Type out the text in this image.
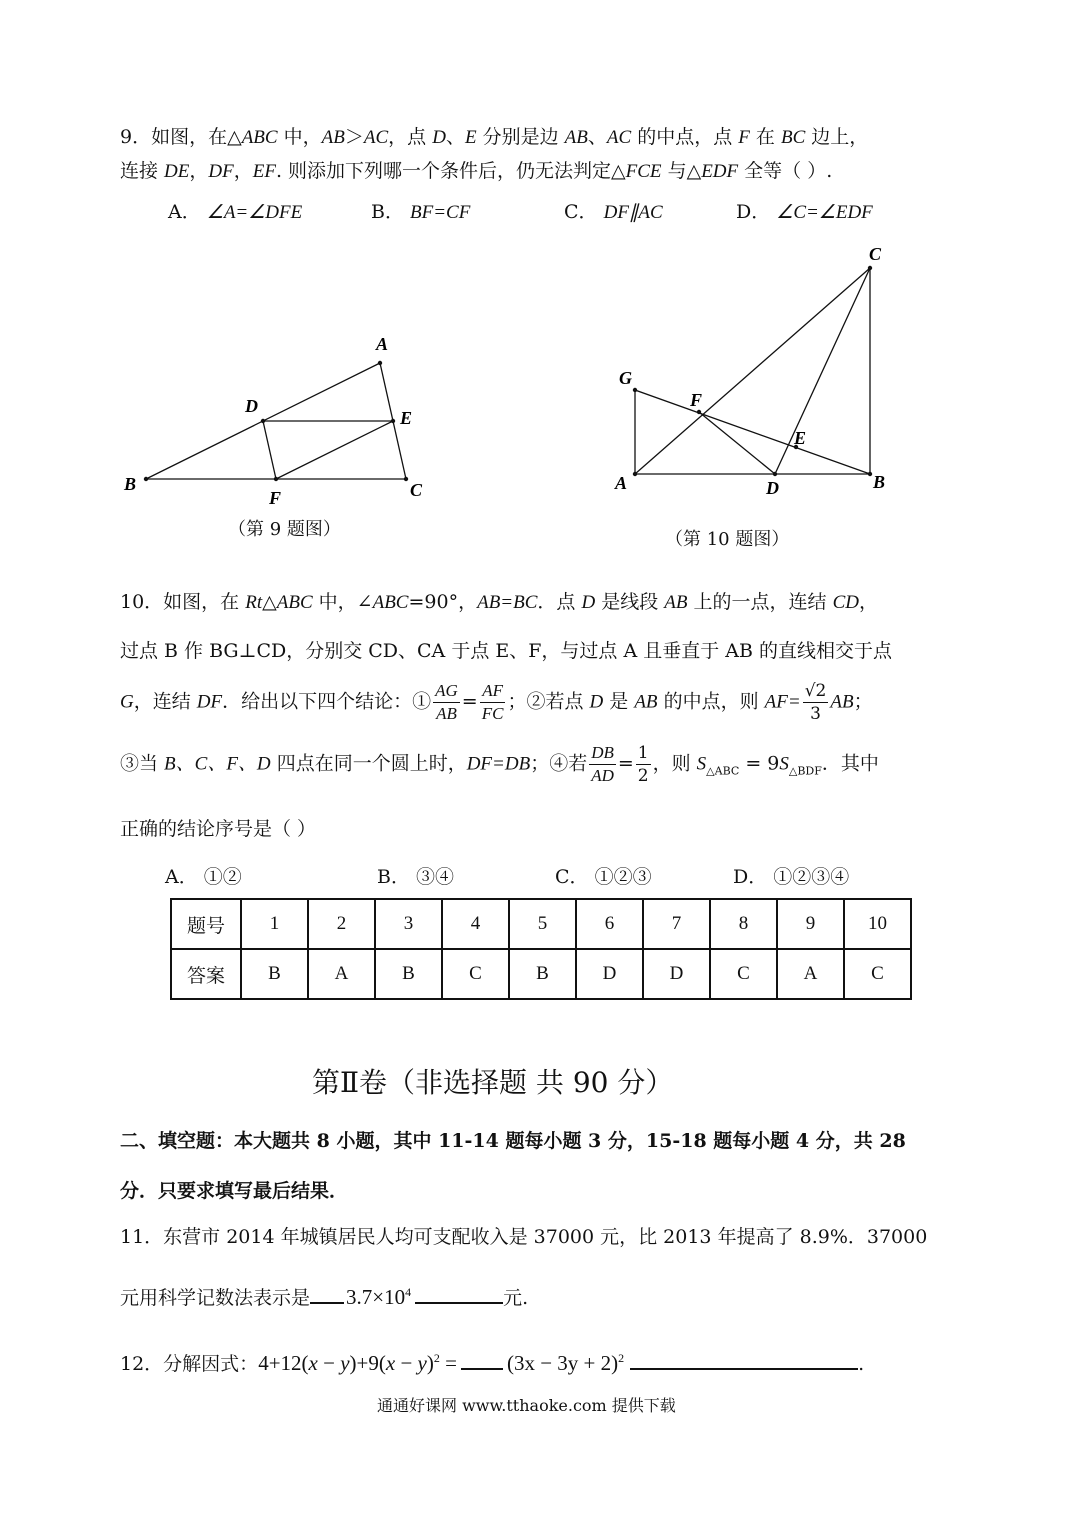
9．如图，在△ABC 中，AB＞AC，点 D、E 分别是边 AB、AC 的中点，点 F 在 BC 边上，
连接 DE，DF，EF. 则添加下列哪一个条件后，仍无法判定△FCE 与△EDF 全等（ ）.
A． ∠A=∠DFE	B． BF=CF	C． DF∥AC	D． ∠C=∠EDF
A
B	C
D
E
F
（第 9 题图）
A	B
C
D
E
F
G
（第 10 题图）
10．如图，在 Rt△ABC 中，∠ABC=90°，AB=BC．点 D 是线段 AB 上的一点，连结 CD，
过点 B 作 BG⊥CD，分别交 CD、CA 于点 E、F，与过点 A 且垂直于 AB 的直线相交于点
G，连结 DF．给出以下四个结论：① $\frac{AG}{AB} = \frac{AF}{FC}$ ；②若点 D 是 AB 的中点，则 $AF= \frac{√2}{3}$ AB；
③当 B、C、F、D 四点在同一个圆上时，DF=DB；④若 $\frac{DB}{AD} = \frac{1}{2}$ ，则 $S_{\triangle ABC} = 9S_{\triangle BDF}$．其中
正确的结论序号是（ ）
A． ①②	B． ③④	C． ①②③	D． ①②③④
题号	1	2	3	4	5	6	7	8	9	10
答案	B	A	B	C	B	D	D	C	A	C
第Ⅱ卷（非选择题 共 90 分）
二、填空题：本大题共 8 小题，其中 11-14 题每小题 3 分，15-18 题每小题 4 分，共 28
分．只要求填写最后结果．
11．东营市 2014 年城镇居民人均可支配收入是 37000 元，比 2013 年提高了 8.9%．37000
元用科学记数法表示是 $3.7\times 10^4$	元.
12．分解因式：$4+12(x - y)+9(x - y)^2 = (3x - 3y + 2)^2$	.
通通好课网 www.tthaoke.com 提供下载
